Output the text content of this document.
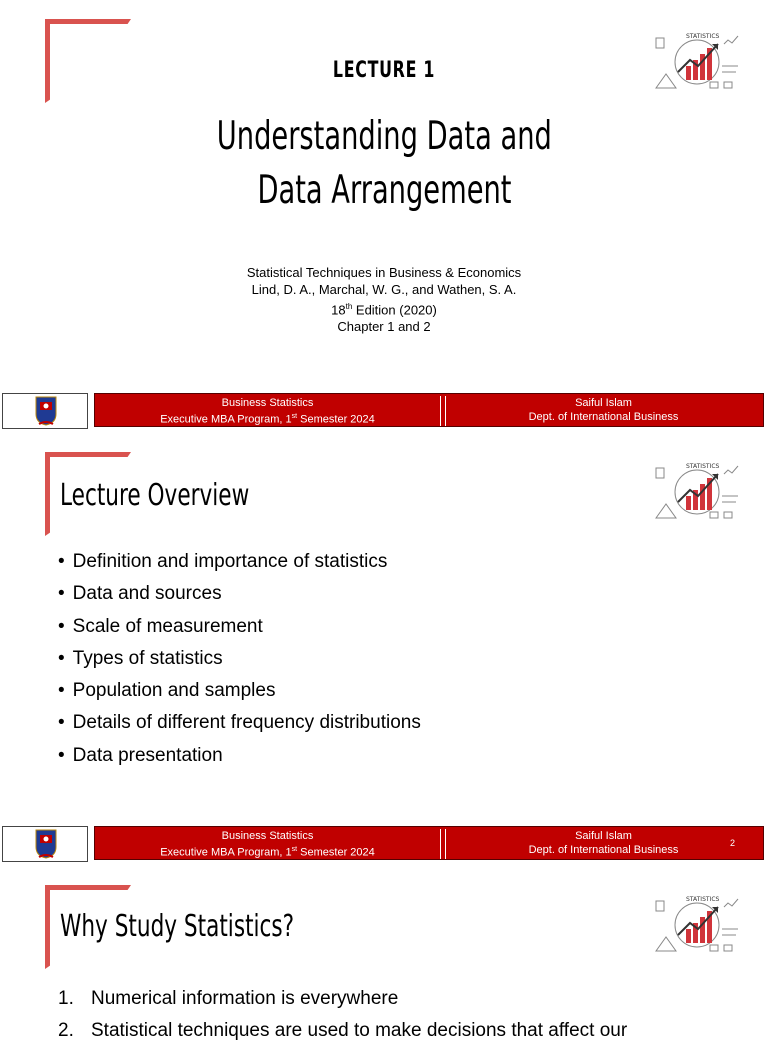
STATISTICS
LECTURE 1
Understanding Data and
Data Arrangement
Statistical Techniques in Business & Economics
Lind, D. A., Marchal, W. G., and Wathen, S. A.
18th Edition (2020)
Chapter 1 and 2
Business Statistics
Executive MBA Program, 1st Semester 2024
Saiful Islam
Dept. of International Business
Lecture Overview
STATISTICS
• Definition and importance of statistics
• Data and sources
• Scale of measurement
• Types of statistics
• Population and samples
• Details of different frequency distributions
• Data presentation
Business Statistics
Executive MBA Program, 1st Semester 2024
Saiful Islam
Dept. of International Business
2
Why Study Statistics?
STATISTICS
1. Numerical information is everywhere
2. Statistical techniques are used to make decisions that affect our
